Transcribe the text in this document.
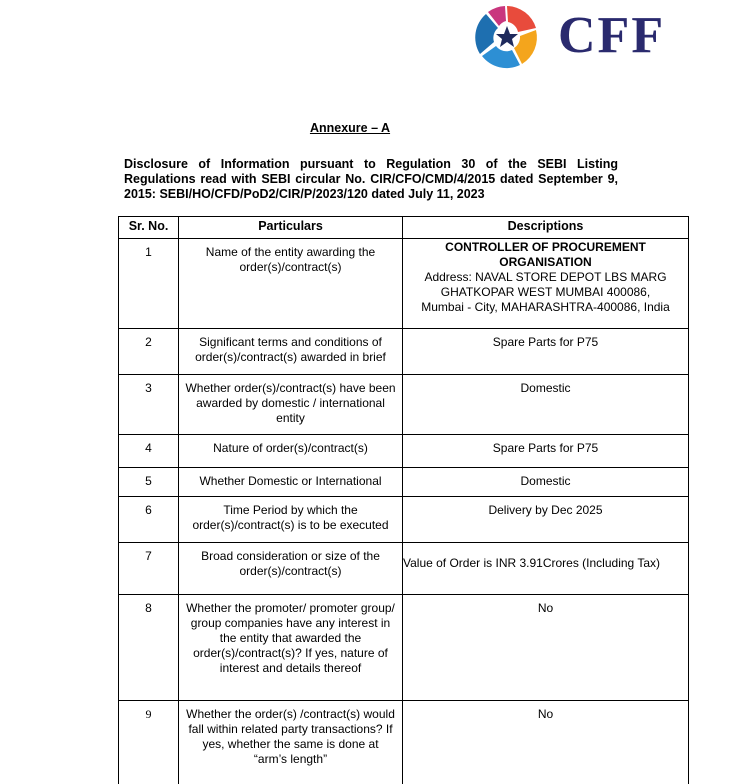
CFF
Annexure – A
Disclosure of Information pursuant to Regulation 30 of the SEBI Listing Regulations read with SEBI circular No. CIR/CFO/CMD/4/2015 dated September 9, 2015: SEBI/HO/CFD/PoD2/CIR/P/2023/120 dated July 11, 2023
Sr. No.	Particulars	Descriptions
1	Name of the entity awarding the order(s)/contract(s)	CONTROLLER OF PROCUREMENT ORGANISATION
Address: NAVAL STORE DEPOT LBS MARG
GHATKOPAR WEST MUMBAI 400086,
Mumbai - City, MAHARASHTRA-400086, India

2	Significant terms and conditions of order(s)/contract(s) awarded in brief	Spare Parts for P75
3	Whether order(s)/contract(s) have been awarded by domestic / international entity	Domestic
4	Nature of order(s)/contract(s)	Spare Parts for P75
5	Whether Domestic or International	Domestic
6	Time Period by which the order(s)/contract(s) is to be executed	Delivery by Dec 2025
7	Broad consideration or size of the order(s)/contract(s)	Value of Order is INR 3.91Crores (Including Tax)
8	Whether the promoter/ promoter group/ group companies have any interest in the entity that awarded the order(s)/contract(s)? If yes, nature of interest and details thereof	No
9	Whether the order(s) /contract(s) would fall within related party transactions? If yes, whether the same is done at “arm’s length”	No
